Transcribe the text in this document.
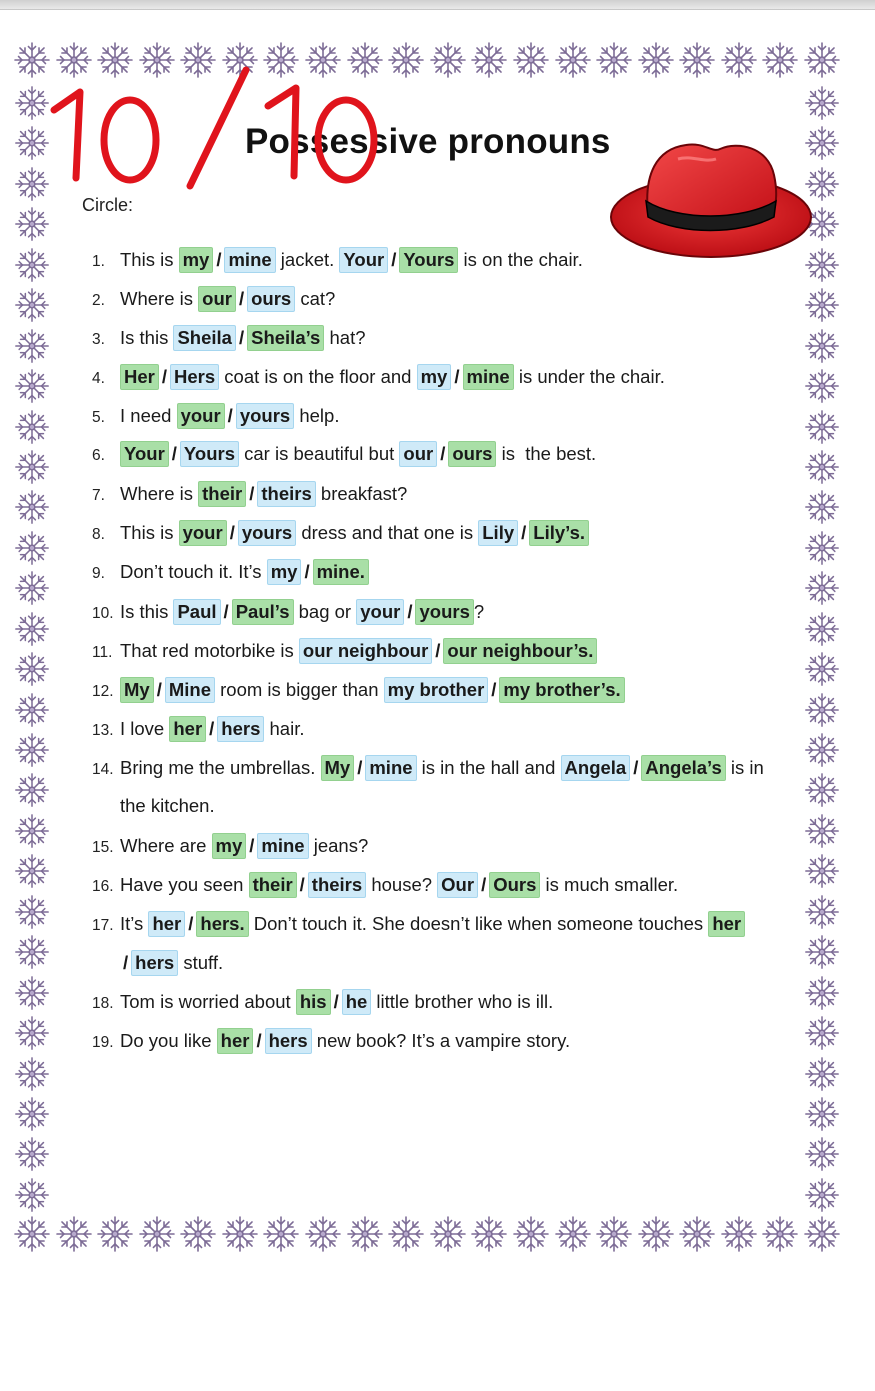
Possessive pronouns
Circle:
1. This is my / mine jacket. Your / Yours is on the chair.
2. Where is our / ours cat?
3. Is this Sheila / Sheila’s hat?
4. Her / Hers coat is on the floor and my / mine is under the chair.
5. I need your / yours help.
6. Your / Yours car is beautiful but our / ours is  the best.
7. Where is their / theirs breakfast?
8. This is your / yours dress and that one is Lily / Lily’s.
9. Don’t touch it. It’s my / mine.
10. Is this Paul / Paul’s bag or your / yours ?
11. That red motorbike is our neighbour / our neighbour’s.
12. My / Mine room is bigger than my brother / my brother’s.
13. I love her / hers hair.
14. Bring me the umbrellas. My / mine is in the hall and Angela / Angela’s is in
the kitchen.
15. Where are my / mine jeans?
16. Have you seen their / theirs house? Our / Ours is much smaller.
17. It’s her / hers. Don’t touch it. She doesn’t like when someone touches her
/ hers stuff.
18. Tom is worried about his / he little brother who is ill.
19. Do you like her / hers new book? It’s a vampire story.
